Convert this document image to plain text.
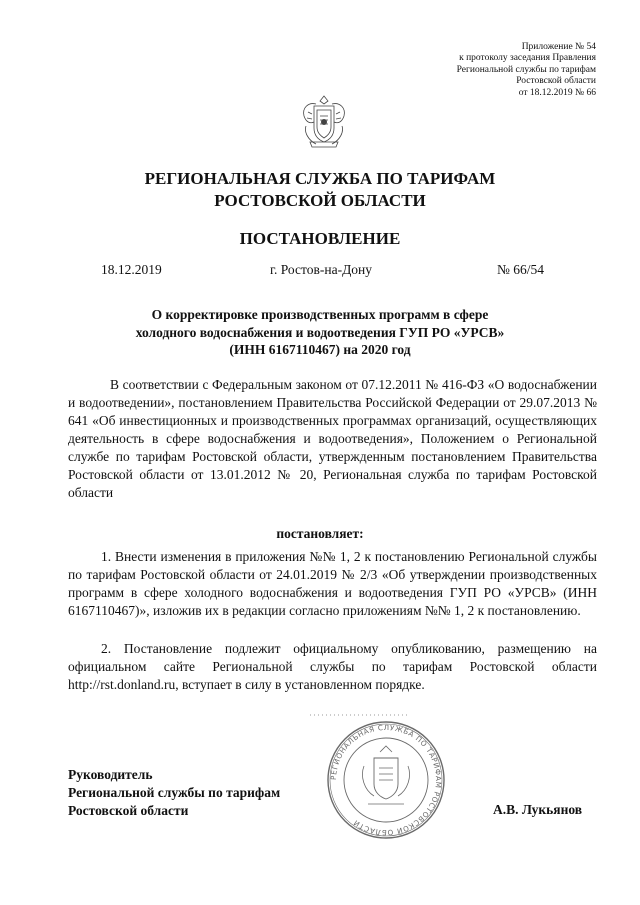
Приложение № 54
к протоколу заседания Правления
Региональной службы по тарифам
Ростовской области
от 18.12.2019 № 66
РЕГИОНАЛЬНАЯ СЛУЖБА ПО ТАРИФАМ
РОСТОВСКОЙ ОБЛАСТИ
ПОСТАНОВЛЕНИЕ
18.12.2019	г. Ростов-на-Дону	№ 66/54
О корректировке производственных программ в сфере
холодного водоснабжения и водоотведения ГУП РО «УРСВ»
(ИНН 6167110467) на 2020 год
В соответствии с Федеральным законом от 07.12.2011 № 416-ФЗ «О водоснабжении и водоотведении», постановлением Правительства Российской Федерации от 29.07.2013 № 641 «Об инвестиционных и производственных программах организаций, осуществляющих деятельность в сфере водоснабжения и водоотведения», Положением о Региональной службе по тарифам Ростовской области, утвержденным постановлением Правительства Ростовской области от 13.01.2012 № 20, Региональная служба по тарифам Ростовской области
постановляет:
1. Внести изменения в приложения №№ 1, 2 к постановлению Региональной службы по тарифам Ростовской области от 24.01.2019 № 2/3 «Об утверждении производственных программ в сфере холодного водоснабжения и водоотведения ГУП РО «УРСВ» (ИНН 6167110467)», изложив их в редакции согласно приложениям №№ 1, 2 к постановлению.
2. Постановление подлежит официальному опубликованию, размещению на официальном сайте Региональной службы по тарифам Ростовской области http://rst.donland.ru, вступает в силу в установленном порядке.
Руководитель
Региональной службы по тарифам
Ростовской области
РЕГИОНАЛЬНАЯ СЛУЖБА ПО ТАРИФАМ РОСТОВСКОЙ ОБЛАСТИ
А.В. Лукьянов
